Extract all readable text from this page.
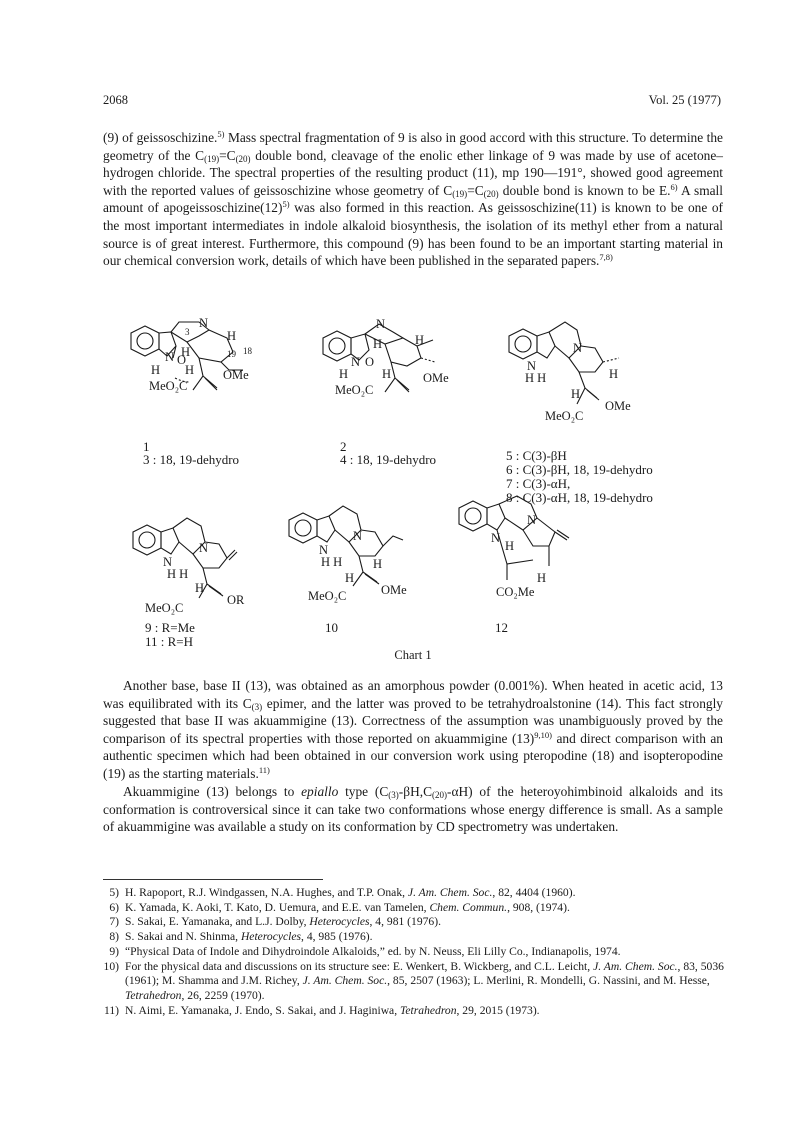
2068	Vol. 25 (1977)

(9) of geissoschizine.$^{5)}$ Mass spectral fragmentation of 9 is also in good accord with this structure. To determine the geometry of the $C_{(19)}=C_{(20)}$ double bond, cleavage of the enolic ether linkage of 9 was made by use of acetone–hydrogen chloride. The spectral properties of the resulting product (11), mp 190—191°, showed good agreement with the reported values of geissoschizine whose geometry of $C_{(19)}=C_{(20)}$ double bond is known to be E.$^{6)}$ A small amount of $apogeissoschizine(12)^{5)}$ was also formed in this reaction. As geissoschizine(11) is known to be one of the most important intermediates in indole alkaloid biosynthesis, the isolation of its methyl ether from a natural source is of great interest. Furthermore, this compound (9) has been found to be an important starting material in our chemical conversion work, details of which have been published in the separated papers.$^{7,8)}$

3
N
H
19 18
H
N O
H H OMe
MeO₂C
N
H	H
N O
H	H	OMe
MeO₂C
N
N
H H	H
H
OMe
MeO₂C
1
3 : 18, 19-dehydro
2
4 : 18, 19-dehydro	5 : C(3)-βH
6 : C(3)-βH, 18, 19-dehydro
7 : C(3)-αH,
8 : C(3)-αH, 18, 19-dehydro
N
N
H H
H
OR
MeO₂C
N
N
H H H
H
OMe
MeO₂C
N
N
H
H
CO₂Me
9 : R=Me
11 : R=H
10	12
Chart 1

Another base, base II (13), was obtained as an amorphous powder (0.001%). When heated in acetic acid, 13 was equilibrated with its $C_{(3)}$ epimer, and the latter was proved to be tetrahydroalstonine (14). This fact strongly suggested that base II was akuammigine (13). Correctness of the assumption was unambiguously proved by the comparison of its spectral properties with those reported on akuammigine $(13)^{9,10)}$ and direct comparison with an authentic specimen which had been obtained in our conversion work using pteropodine (18) and isopteropodine (19) as the starting materials.$^{11)}$

Akuammigine (13) belongs to epiallo type $(C_{(3)}-\beta H,C_{(20)}-\alpha H)$ of the heteroyohimbinoid alkaloids and its conformation is controversical since it can take two conformations whose energy difference is small. As a sample of akuammigine was available a study on its conformation by CD spectrometry was undertaken.

5) H. Rapoport, R.J. Windgassen, N.A. Hughes, and T.P. Onak, J. Am. Chem. Soc., 82, 4404 (1960).

6) K. Yamada, K. Aoki, T. Kato, D. Uemura, and E.E. van Tamelen, Chem. Commun., 908, (1974).

7) S. Sakai, E. Yamanaka, and L.J. Dolby, Heterocycles, 4, 981 (1976).

8) S. Sakai and N. Shinma, Heterocycles, 4, 985 (1976).

9) “Physical Data of Indole and Dihydroindole Alkaloids,” ed. by N. Neuss, Eli Lilly Co., Indianapolis, 1974.

10) For the physical data and discussions on its structure see: E. Wenkert, B. Wickberg, and C.L. Leicht, J. Am. Chem. Soc., 83, 5036 (1961); M. Shamma and J.M. Richey, J. Am. Chem. Soc., 85, 2507 (1963); L. Merlini, R. Mondelli, G. Nassini, and M. Hesse, Tetrahedron, 26, 2259 (1970).

11) N. Aimi, E. Yamanaka, J. Endo, S. Sakai, and J. Haginiwa, Tetrahedron, 29, 2015 (1973).
